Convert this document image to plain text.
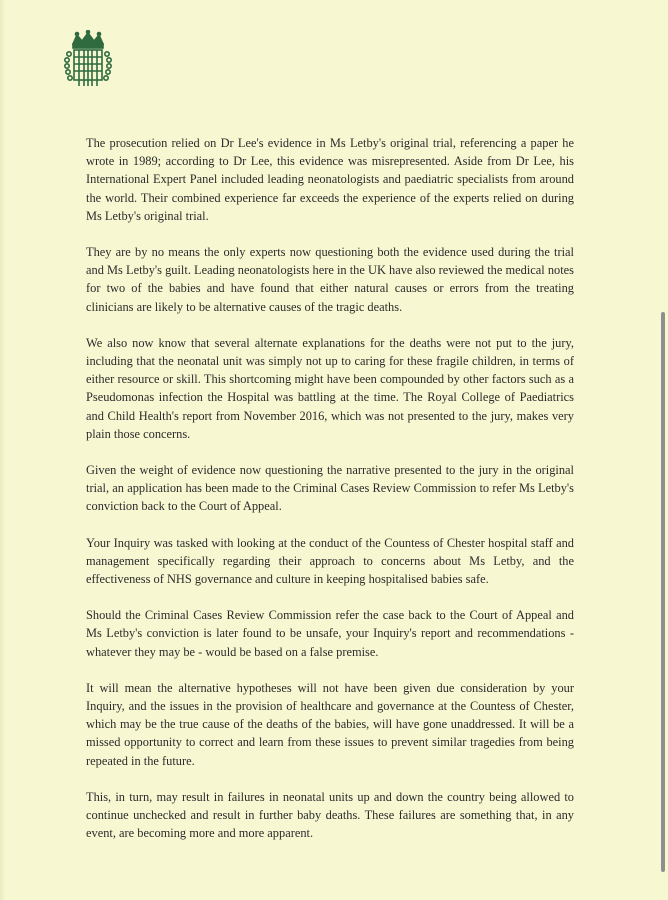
The prosecution relied on Dr Lee's evidence in Ms Letby's original trial, referencing a paper he wrote in 1989; according to Dr Lee, this evidence was misrepresented. Aside from Dr Lee, his International Expert Panel included leading neonatologists and paediatric specialists from around the world. Their combined experience far exceeds the experience of the experts relied on during Ms Letby's original trial.

They are by no means the only experts now questioning both the evidence used during the trial and Ms Letby's guilt. Leading neonatologists here in the UK have also reviewed the medical notes for two of the babies and have found that either natural causes or errors from the treating clinicians are likely to be alternative causes of the tragic deaths.

We also now know that several alternate explanations for the deaths were not put to the jury, including that the neonatal unit was simply not up to caring for these fragile children, in terms of either resource or skill. This shortcoming might have been compounded by other factors such as a Pseudomonas infection the Hospital was battling at the time. The Royal College of Paediatrics and Child Health's report from November 2016, which was not presented to the jury, makes very plain those concerns.

Given the weight of evidence now questioning the narrative presented to the jury in the original trial, an application has been made to the Criminal Cases Review Commission to refer Ms Letby's conviction back to the Court of Appeal.

Your Inquiry was tasked with looking at the conduct of the Countess of Chester hospital staff and management specifically regarding their approach to concerns about Ms Letby, and the effectiveness of NHS governance and culture in keeping hospitalised babies safe.

Should the Criminal Cases Review Commission refer the case back to the Court of Appeal and Ms Letby's conviction is later found to be unsafe, your Inquiry's report and recommendations - whatever they may be - would be based on a false premise.

It will mean the alternative hypotheses will not have been given due consideration by your Inquiry, and the issues in the provision of healthcare and governance at the Countess of Chester, which may be the true cause of the deaths of the babies, will have gone unaddressed. It will be a missed opportunity to correct and learn from these issues to prevent similar tragedies from being repeated in the future.

This, in turn, may result in failures in neonatal units up and down the country being allowed to continue unchecked and result in further baby deaths. These failures are something that, in any event, are becoming more and more apparent.
